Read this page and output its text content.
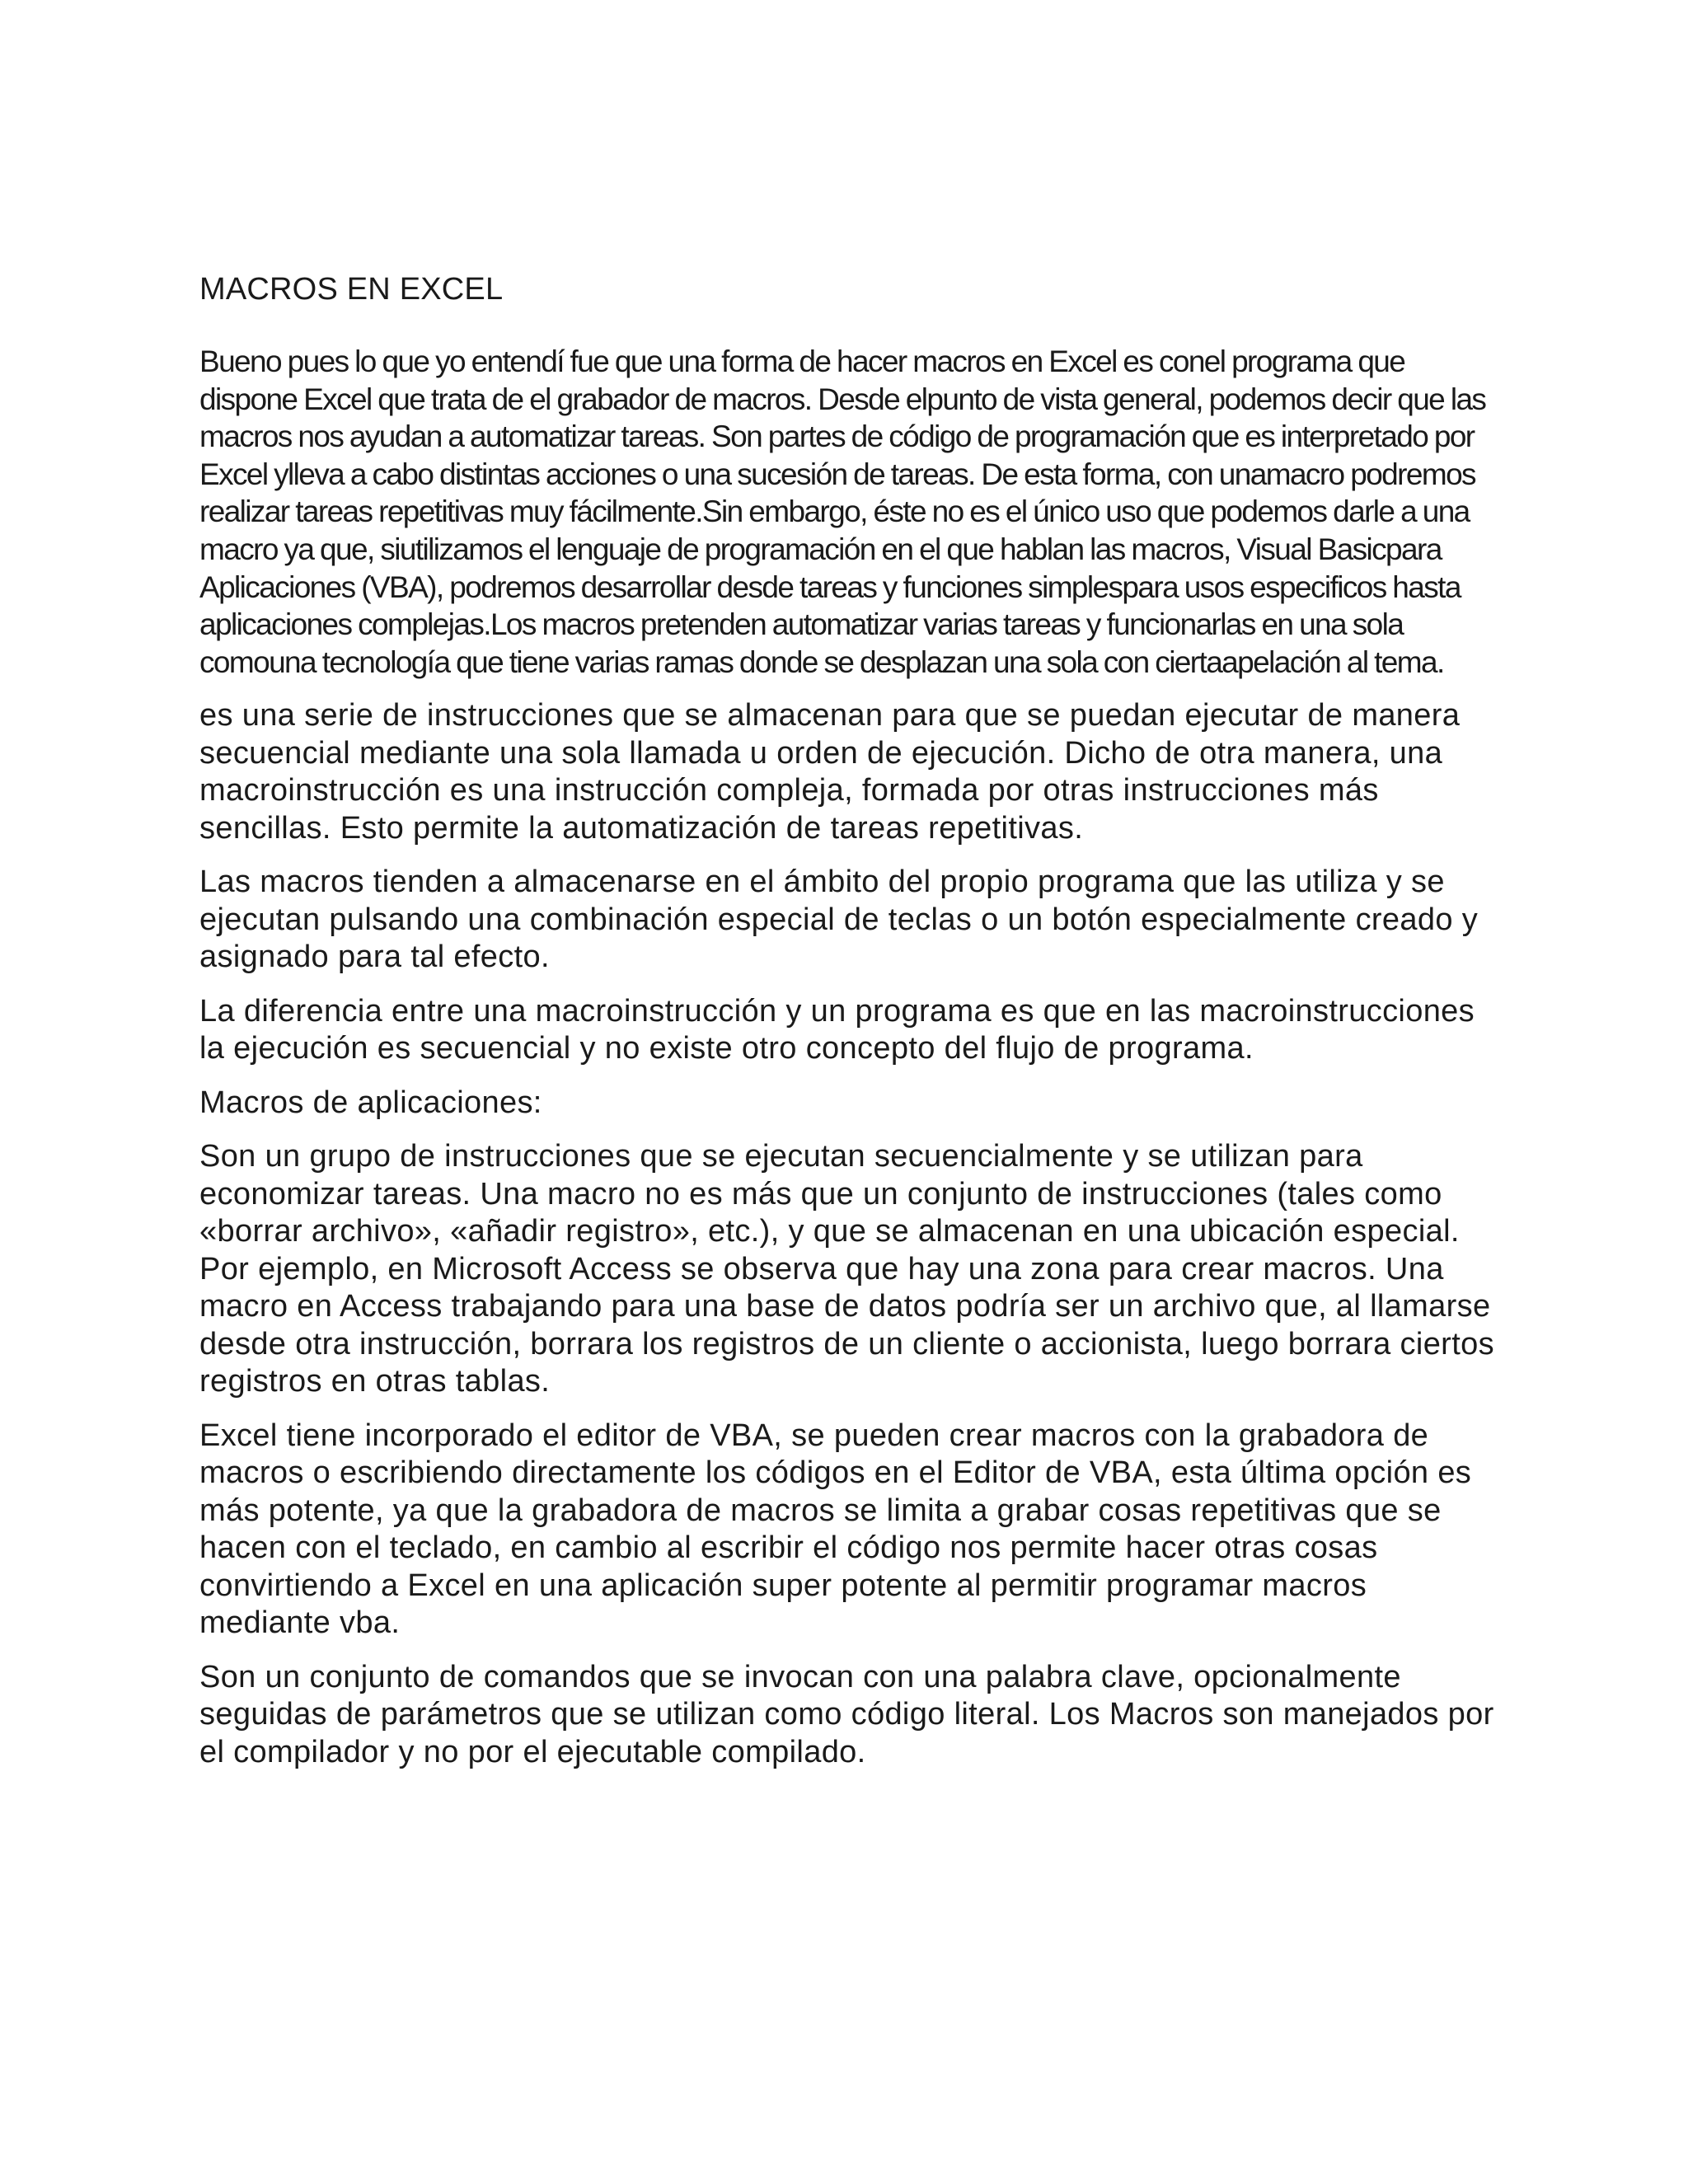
MACROS EN EXCEL

Bueno pues lo que yo entendí fue que una forma de hacer macros en Excel es conel programa que dispone Excel que trata de el grabador de macros. Desde elpunto de vista general, podemos decir que las macros nos ayudan a automatizar tareas. Son partes de código de programación que es interpretado por Excel ylleva a cabo distintas acciones o una sucesión de tareas. De esta forma, con unamacro podremos realizar tareas repetitivas muy fácilmente.Sin embargo, éste no es el único uso que podemos darle a una macro ya que, siutilizamos el lenguaje de programación en el que hablan las macros, Visual Basicpara Aplicaciones (VBA), podremos desarrollar desde tareas y funciones simplespara usos especificos hasta aplicaciones complejas.Los macros pretenden automatizar varias tareas y funcionarlas en una sola comouna tecnología que tiene varias ramas donde se desplazan una sola con ciertaapelación al tema.

es una serie de instrucciones que se almacenan para que se puedan ejecutar de manera secuencial mediante una sola llamada u orden de ejecución. Dicho de otra manera, una macroinstrucción es una instrucción compleja, formada por otras instrucciones más sencillas. Esto permite la automatización de tareas repetitivas.

Las macros tienden a almacenarse en el ámbito del propio programa que las utiliza y se ejecutan pulsando una combinación especial de teclas o un botón especialmente creado y asignado para tal efecto.

La diferencia entre una macroinstrucción y un programa es que en las macroinstrucciones la ejecución es secuencial y no existe otro concepto del flujo de programa.

Macros de aplicaciones:

Son un grupo de instrucciones que se ejecutan secuencialmente y se utilizan para economizar tareas. Una macro no es más que un conjunto de instrucciones (tales como «borrar archivo», «añadir registro», etc.), y que se almacenan en una ubicación especial. Por ejemplo, en Microsoft Access se observa que hay una zona para crear macros. Una macro en Access trabajando para una base de datos podría ser un archivo que, al llamarse desde otra instrucción, borrara los registros de un cliente o accionista, luego borrara ciertos registros en otras tablas.

Excel tiene incorporado el editor de VBA, se pueden crear macros con la grabadora de macros o escribiendo directamente los códigos en el Editor de VBA, esta última opción es más potente, ya que la grabadora de macros se limita a grabar cosas repetitivas que se hacen con el teclado, en cambio al escribir el código nos permite hacer otras cosas convirtiendo a Excel en una aplicación super potente al permitir programar macros mediante vba.

Son un conjunto de comandos que se invocan con una palabra clave, opcionalmente seguidas de parámetros que se utilizan como código literal. Los Macros son manejados por el compilador y no por el ejecutable compilado.
